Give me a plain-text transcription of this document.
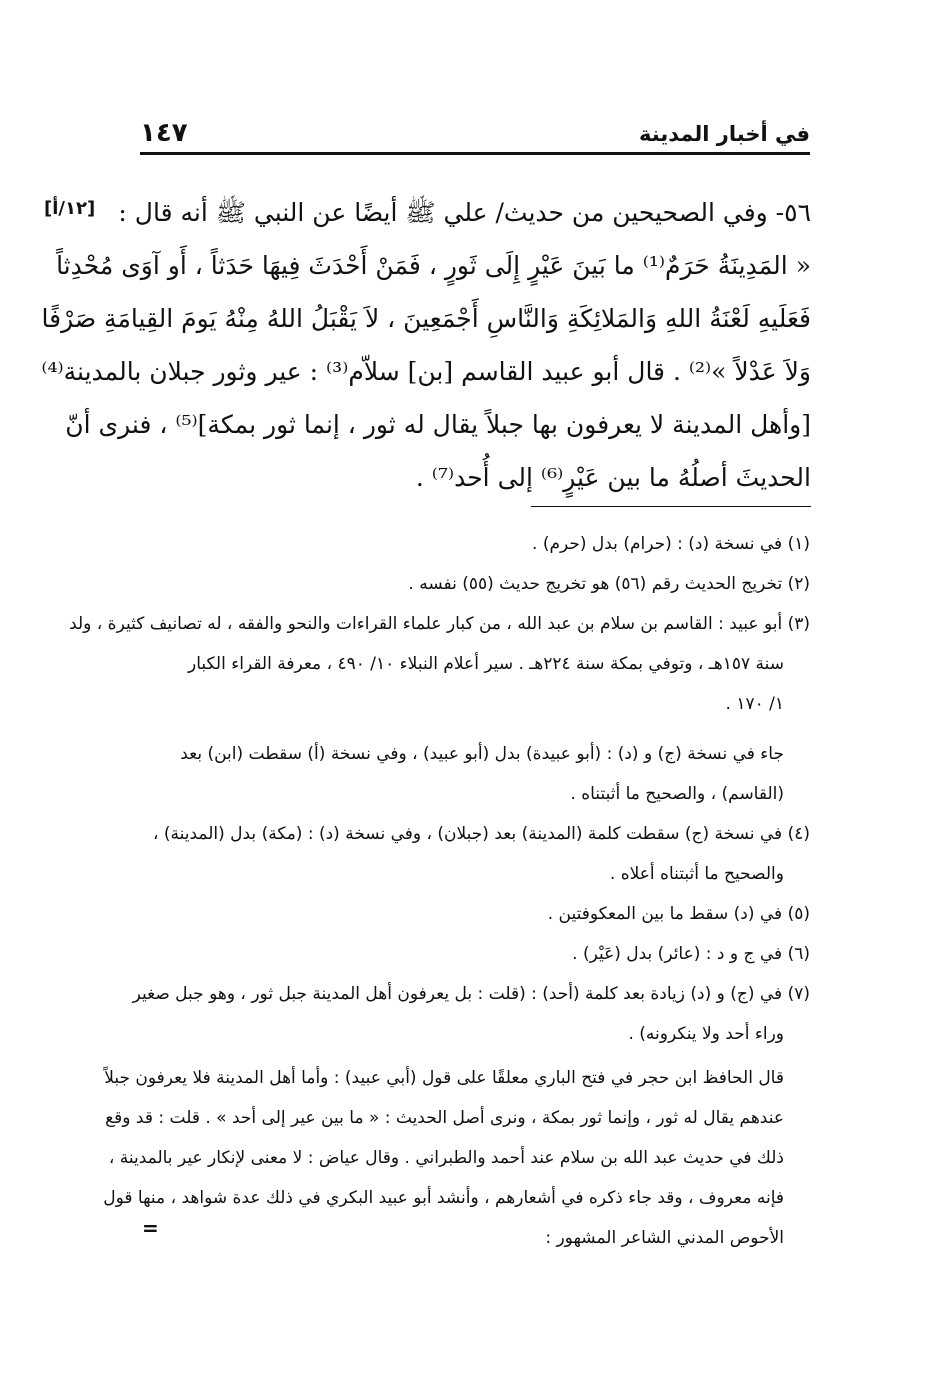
ﻓﻲ أﺧﺒﺎر اﻟﻤﺪﻳﻨﺔ
١٤٧
[١٢/أ] ٥٦- وفي الصحيحين من حديث/ علي ﷺ أيضًا عن النبي ﷺ أنه قال :
« المَدِينَةُ حَرَمٌ⁽¹⁾ ما بَينَ عَيْرٍ إِلَى ثَورٍ ، فَمَنْ أَحْدَثَ فِيهَا حَدَثاً ، أَو آوَى مُحْدِثاً
فَعَلَيهِ لَعْنَةُ اللهِ وَالمَلائِكَةِ وَالنَّاسِ أَجْمَعِينَ ، لاَ يَقْبَلُ اللهُ مِنْهُ يَومَ القِيامَةِ صَرْفًا
وَلاَ عَدْلاً »⁽²⁾ . قال أبو عبيد القاسم [بن] سلاّم⁽³⁾ : عير وثور جبلان بالمدينة⁽⁴⁾
[وأهل المدينة لا يعرفون بها جبلاً يقال له ثور ، إنما ثور بمكة]⁽⁵⁾ ، فنرى أنّ
الحديثَ أصلُهُ ما بين عَيْرٍ⁽⁶⁾ إلى أُحد⁽⁷⁾ .
(١) في نسخة (د) : (حرام) بدل (حرم) .
(٢) تخريج الحديث رقم (٥٦) هو تخريج حديث (٥٥) نفسه .
(٣) أبو عبيد : القاسم بن سلام بن عبد الله ، من كبار علماء القراءات والنحو والفقه ، له تصانيف كثيرة ، ولد
سنة ١٥٧هـ ، وتوفي بمكة سنة ٢٢٤هـ . سير أعلام النبلاء ١٠/ ٤٩٠ ، معرفة القراء الكبار
١/ ١٧٠ .
جاء في نسخة (ج) و (د) : (أبو عبيدة) بدل (أبو عبيد) ، وفي نسخة (أ) سقطت (ابن) بعد
(القاسم) ، والصحيح ما أثبتناه .
(٤) في نسخة (ج) سقطت كلمة (المدينة) بعد (جبلان) ، وفي نسخة (د) : (مكة) بدل (المدينة) ،
والصحيح ما أثبتناه أعلاه .
(٥) في (د) سقط ما بين المعكوفتين .
(٦) في ج و د : (عائر) بدل (عَيْر) .
(٧) في (ج) و (د) زيادة بعد كلمة (أحد) : (قلت : بل يعرفون أهل المدينة جبل ثور ، وهو جبل صغير
وراء أحد ولا ينكرونه) .
قال الحافظ ابن حجر في فتح الباري معلقًا على قول (أبي عبيد) : وأما أهل المدينة فلا يعرفون جبلاً
عندهم يقال له ثور ، وإنما ثور بمكة ، ونرى أصل الحديث : « ما بين عير إلى أحد » . قلت : قد وقع
ذلك في حديث عبد الله بن سلام عند أحمد والطبراني . وقال عياض : لا معنى لإنكار عير بالمدينة ،
فإنه معروف ، وقد جاء ذكره في أشعارهم ، وأنشد أبو عبيد البكري في ذلك عدة شواهد ، منها قول
الأحوص المدني الشاعر المشهور :
=
